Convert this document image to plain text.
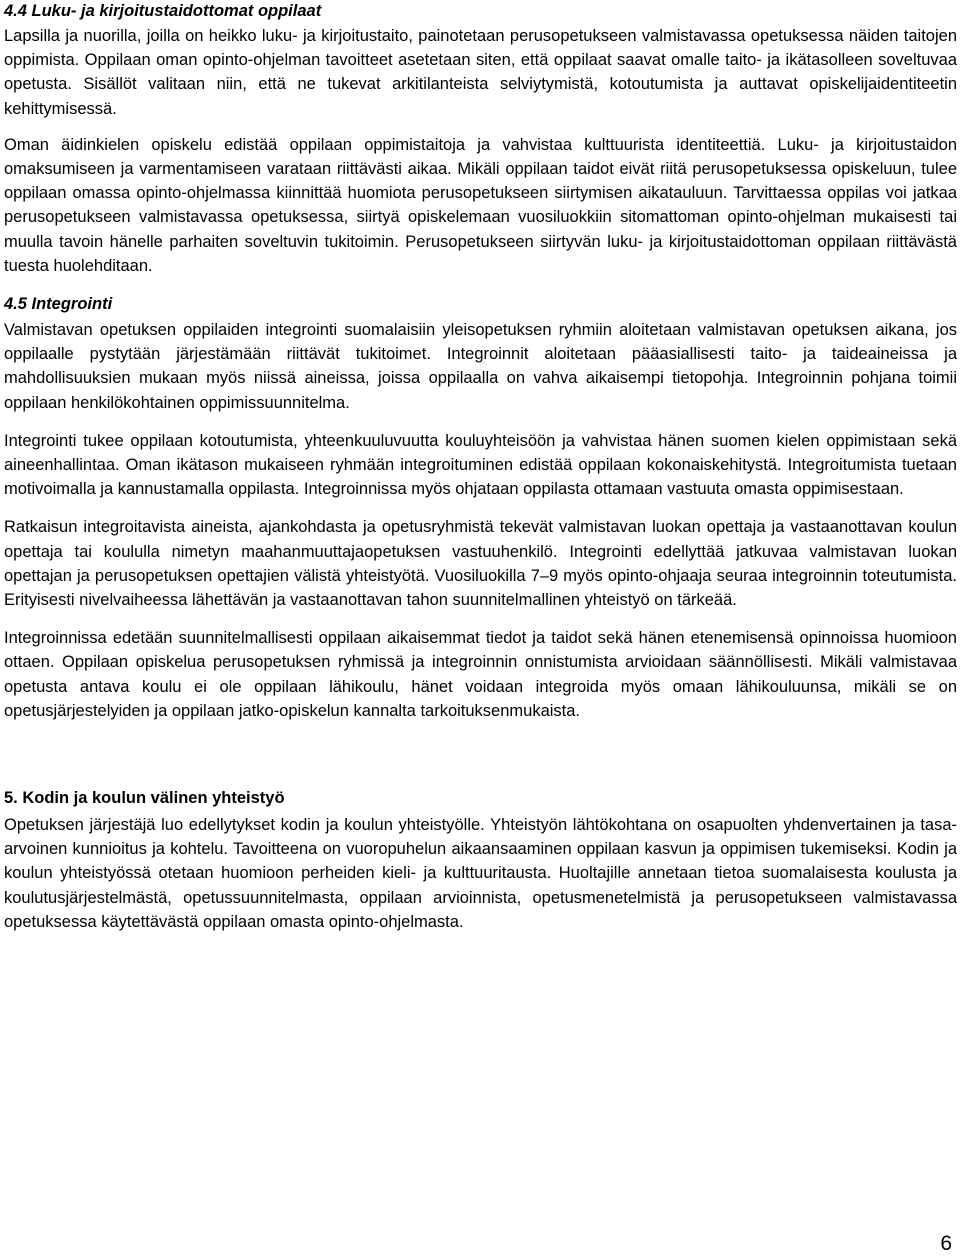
4.4 Luku- ja kirjoitustaidottomat oppilaat

Lapsilla ja nuorilla, joilla on heikko luku- ja kirjoitustaito, painotetaan perusopetukseen valmistavassa opetuksessa näiden taitojen oppimista. Oppilaan oman opinto-ohjelman tavoitteet asetetaan siten, että oppilaat saavat omalle taito- ja ikätasolleen soveltuvaa opetusta. Sisällöt valitaan niin, että ne tukevat arkitilanteista selviytymistä, kotoutumista ja auttavat opiskelijaidentiteetin kehittymisessä.

Oman äidinkielen opiskelu edistää oppilaan oppimistaitoja ja vahvistaa kulttuurista identiteettiä. Luku- ja kirjoitustaidon omaksumiseen ja varmentamiseen varataan riittävästi aikaa. Mikäli oppilaan taidot eivät riitä perusopetuksessa opiskeluun, tulee oppilaan omassa opinto-ohjelmassa kiinnittää huomiota perusopetukseen siirtymisen aikatauluun. Tarvittaessa oppilas voi jatkaa perusopetukseen valmistavassa opetuksessa, siirtyä opiskelemaan vuosiluokkiin sitomattoman opinto-ohjelman mukaisesti tai muulla tavoin hänelle parhaiten soveltuvin tukitoimin. Perusopetukseen siirtyvän luku- ja kirjoitustaidottoman oppilaan riittävästä tuesta huolehditaan.

4.5 Integrointi

Valmistavan opetuksen oppilaiden integrointi suomalaisiin yleisopetuksen ryhmiin aloitetaan valmistavan opetuksen aikana, jos oppilaalle pystytään järjestämään riittävät tukitoimet. Integroinnit aloitetaan pääasiallisesti taito- ja taideaineissa ja mahdollisuuksien mukaan myös niissä aineissa, joissa oppilaalla on vahva aikaisempi tietopohja. Integroinnin pohjana toimii oppilaan henkilökohtainen oppimissuunnitelma.

Integrointi tukee oppilaan kotoutumista, yhteenkuuluvuutta kouluyhteisöön ja vahvistaa hänen suomen kielen oppimistaan sekä aineenhallintaa. Oman ikätason mukaiseen ryhmään integroituminen edistää oppilaan kokonaiskehitystä. Integroitumista tuetaan motivoimalla ja kannustamalla oppilasta. Integroinnissa myös ohjataan oppilasta ottamaan vastuuta omasta oppimisestaan.

Ratkaisun integroitavista aineista, ajankohdasta ja opetusryhmistä tekevät valmistavan luokan opettaja ja vastaanottavan koulun opettaja tai koululla nimetyn maahanmuuttajaopetuksen vastuuhenkilö. Integrointi edellyttää jatkuvaa valmistavan luokan opettajan ja perusopetuksen opettajien välistä yhteistyötä. Vuosiluokilla 7–9 myös opinto-ohjaaja seuraa integroinnin toteutumista. Erityisesti nivelvaiheessa lähettävän ja vastaanottavan tahon suunnitelmallinen yhteistyö on tärkeää.

Integroinnissa edetään suunnitelmallisesti oppilaan aikaisemmat tiedot ja taidot sekä hänen etenemisensä opinnoissa huomioon ottaen. Oppilaan opiskelua perusopetuksen ryhmissä ja integroinnin onnistumista arvioidaan säännöllisesti. Mikäli valmistavaa opetusta antava koulu ei ole oppilaan lähikoulu, hänet voidaan integroida myös omaan lähikouluunsa, mikäli se on opetusjärjestelyiden ja oppilaan jatko-opiskelun kannalta tarkoituksenmukaista.

5. Kodin ja koulun välinen yhteistyö

Opetuksen järjestäjä luo edellytykset kodin ja koulun yhteistyölle. Yhteistyön lähtökohtana on osapuolten yhdenvertainen ja tasa-arvoinen kunnioitus ja kohtelu. Tavoitteena on vuoropuhelun aikaansaaminen oppilaan kasvun ja oppimisen tukemiseksi. Kodin ja koulun yhteistyössä otetaan huomioon perheiden kieli- ja kulttuuritausta. Huoltajille annetaan tietoa suomalaisesta koulusta ja koulutusjärjestelmästä, opetussuunnitelmasta, oppilaan arvioinnista, opetusmenetelmistä ja perusopetukseen valmistavassa opetuksessa käytettävästä oppilaan omasta opinto-ohjelmasta.

6
